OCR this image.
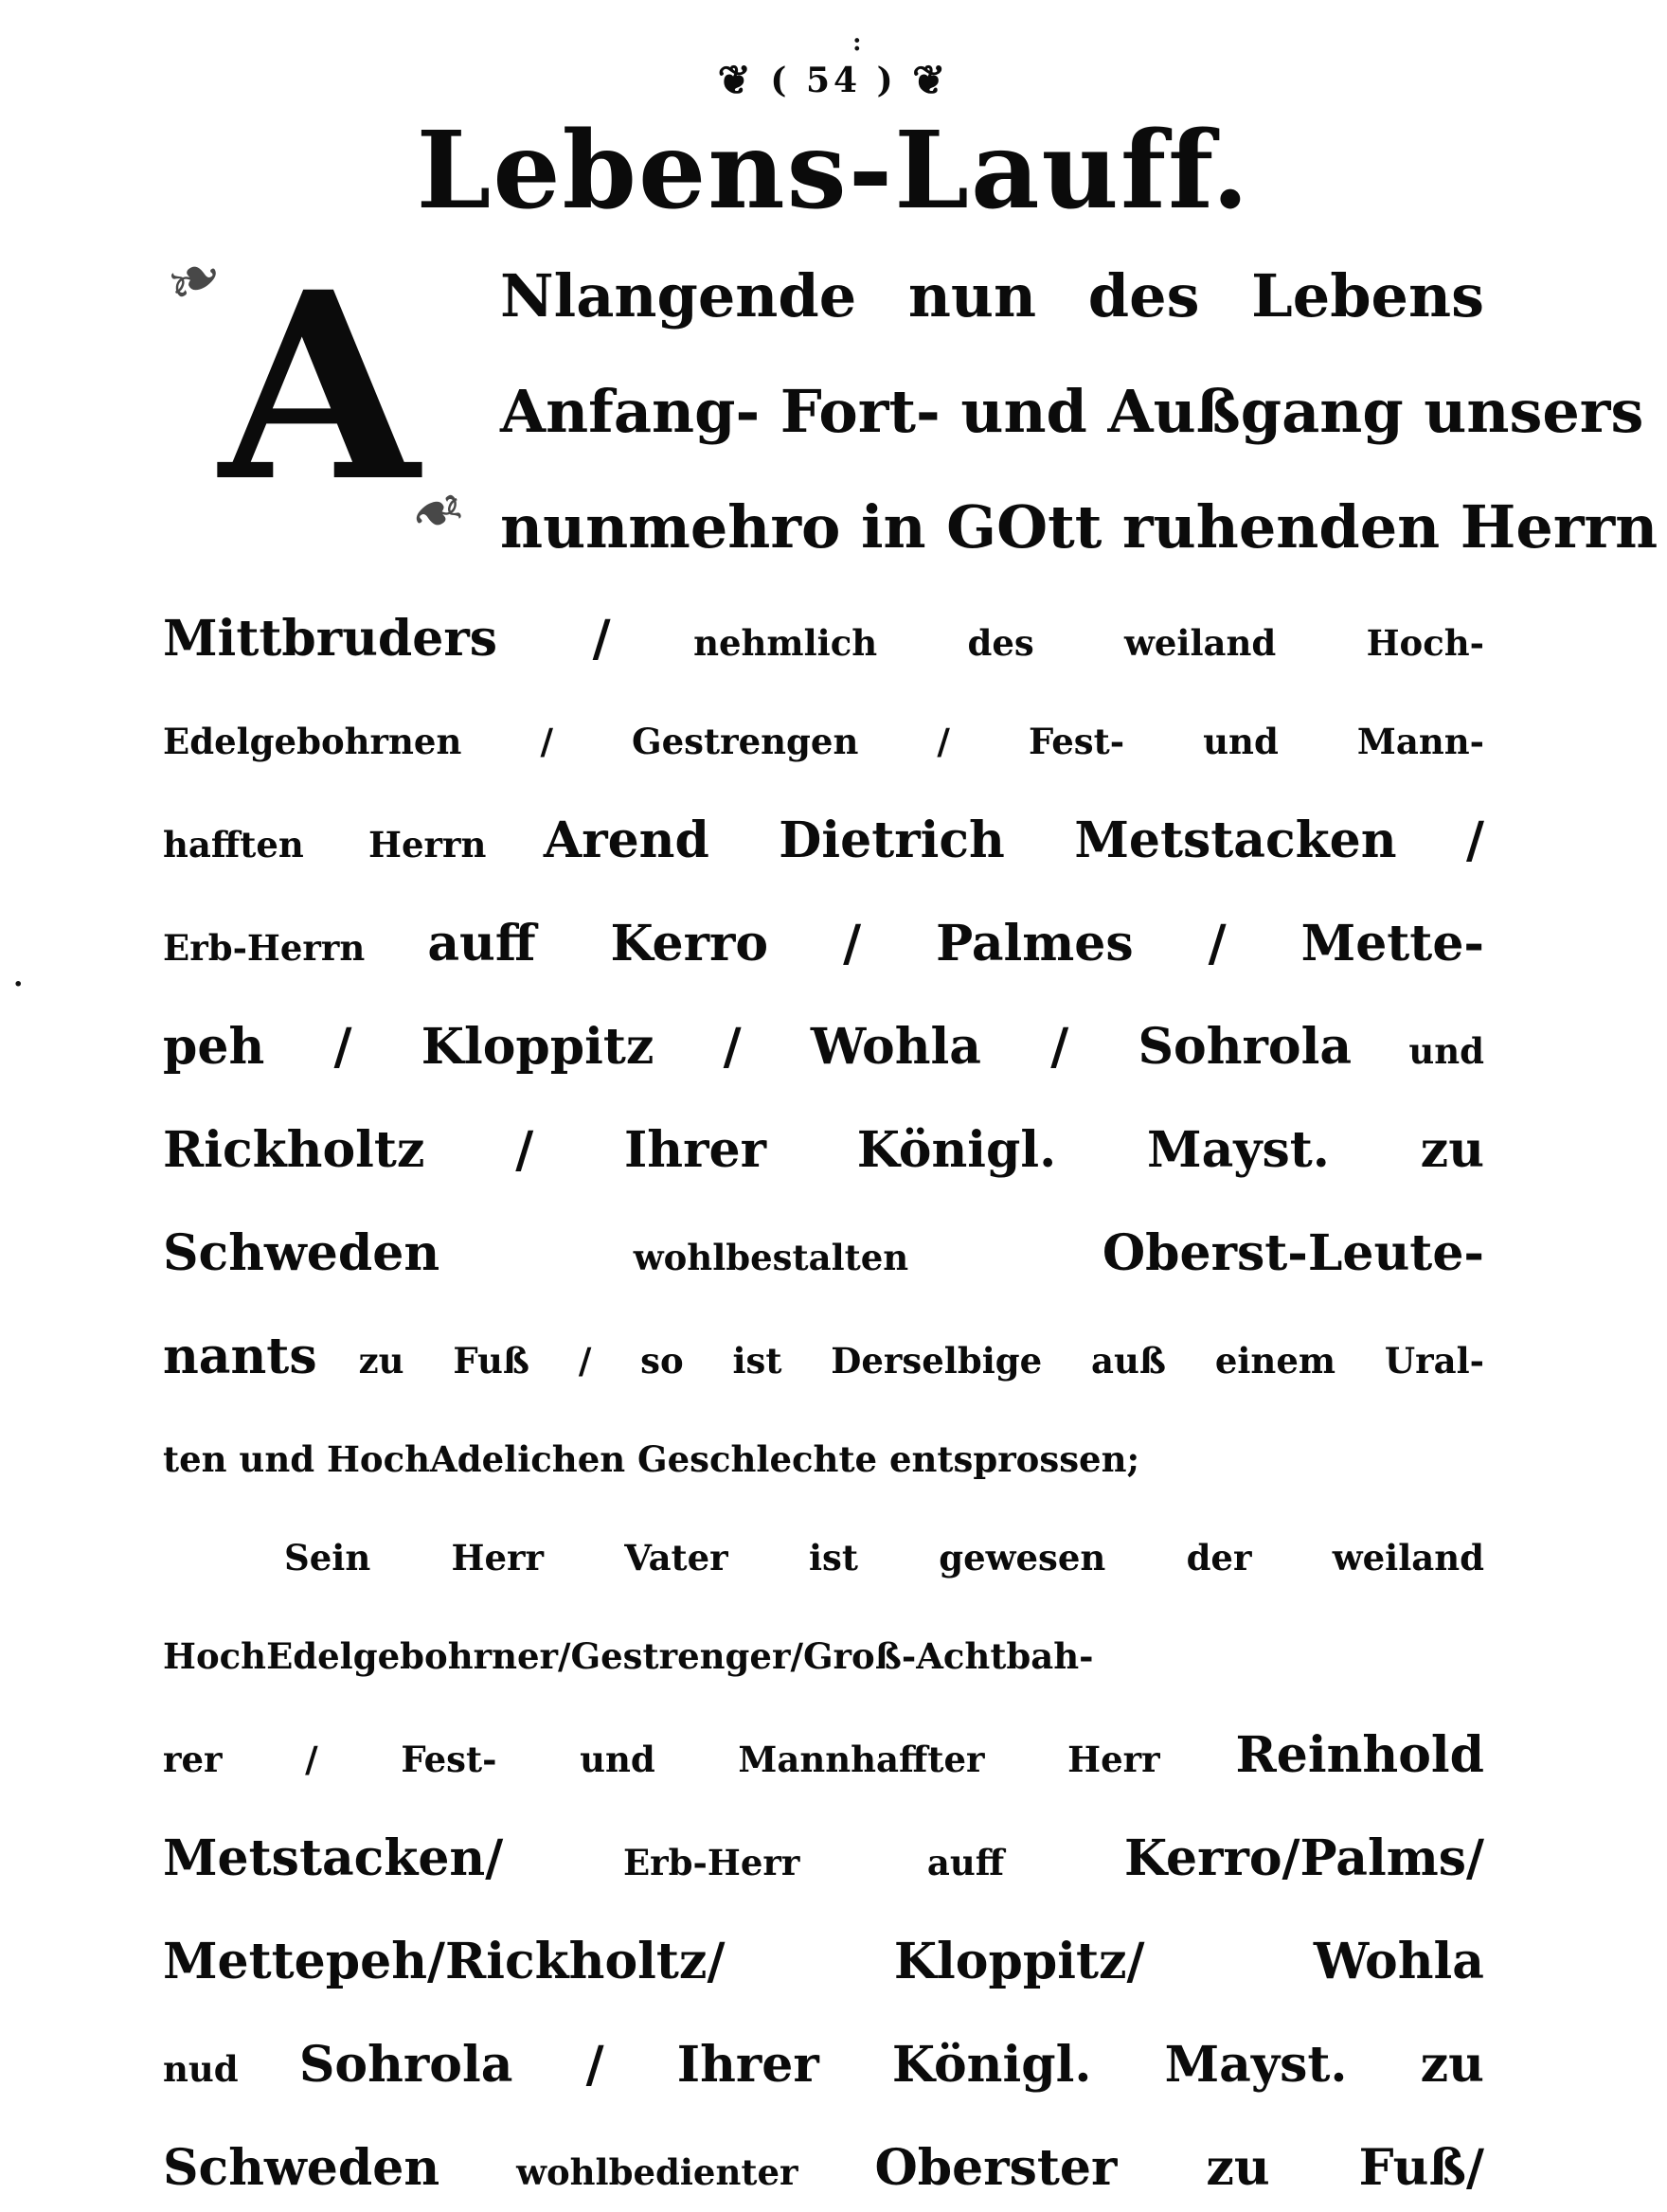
:
·
❦ ( 54 ) ❦
Lebens-Lauff.
❧
A
❧
Nlangende nun des Lebens
Anfang- Fort- und Außgang unsers
nunmehro in GOtt ruhenden Herrn
Mittbruders / nehmlich des weiland Hoch-
Edelgebohrnen / Gestrengen / Fest- und Mann-
hafften Herrn Arend Dietrich Metstacken /
Erb-Herrn auff Kerro / Palmes / Mette-
peh / Kloppitz / Wohla / Sohrola und
Rickholtz / Ihrer Königl. Mayst. zu
Schweden	wohlbestalten	Oberst-Leute-
nants zu Fuß / so ist Derselbige auß einem Ural-
ten und HochAdelichen Geschlechte entsprossen;
Sein Herr Vater ist gewesen der weiland
HochEdelgebohrner/Gestrenger/Groß-Achtbah-
rer / Fest- und Mannhaffter Herr Reinhold
Metstacken/	Erb-Herr auff Kerro/Palms/
Mettepeh/Rickholtz/ Kloppitz/ Wohla
nud Sohrola / Ihrer Königl. Mayst. zu
Schweden wohlbedienter Oberster zu Fuß/
